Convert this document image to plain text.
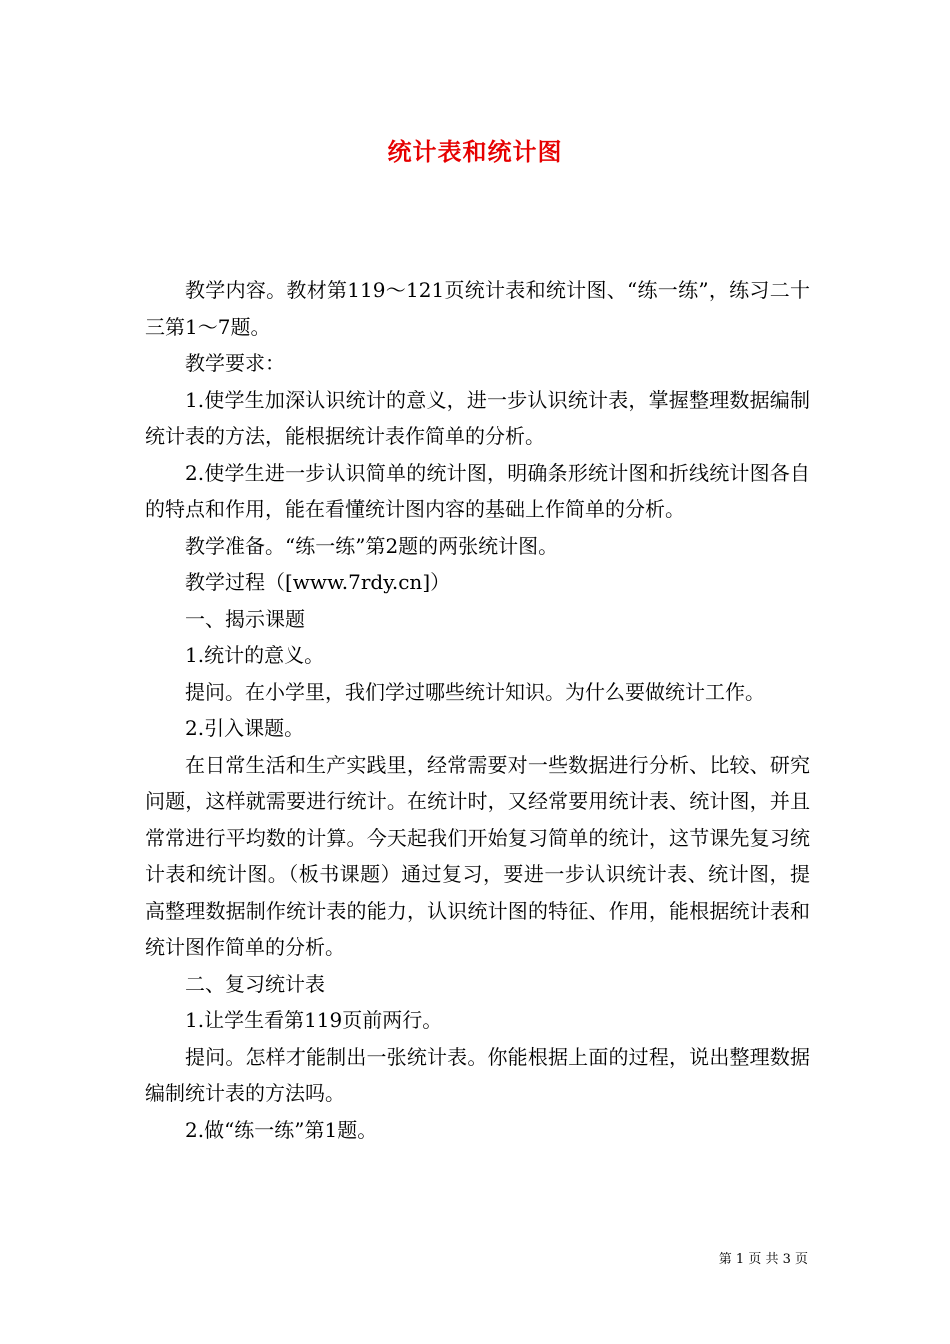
统计表和统计图

教学内容。教材第119～121页统计表和统计图、“练一练”，练习二十三第1～7题。

教学要求：

1.使学生加深认识统计的意义，进一步认识统计表，掌握整理数据编制统计表的方法，能根据统计表作简单的分析。

2.使学生进一步认识简单的统计图，明确条形统计图和折线统计图各自的特点和作用，能在看懂统计图内容的基础上作简单的分析。

教学准备。“练一练”第2题的两张统计图。

教学过程（[www.7rdy.cn]）

一、揭示课题

1.统计的意义。

提问。在小学里，我们学过哪些统计知识。为什么要做统计工作。

2.引入课题。

在日常生活和生产实践里，经常需要对一些数据进行分析、比较、研究问题，这样就需要进行统计。在统计时，又经常要用统计表、统计图，并且常常进行平均数的计算。今天起我们开始复习简单的统计，这节课先复习统计表和统计图。（板书课题）通过复习，要进一步认识统计表、统计图，提高整理数据制作统计表的能力，认识统计图的特征、作用，能根据统计表和统计图作简单的分析。

二、复习统计表

1.让学生看第119页前两行。

提问。怎样才能制出一张统计表。你能根据上面的过程，说出整理数据编制统计表的方法吗。

2.做“练一练”第1题。

第 1 页 共 3 页
